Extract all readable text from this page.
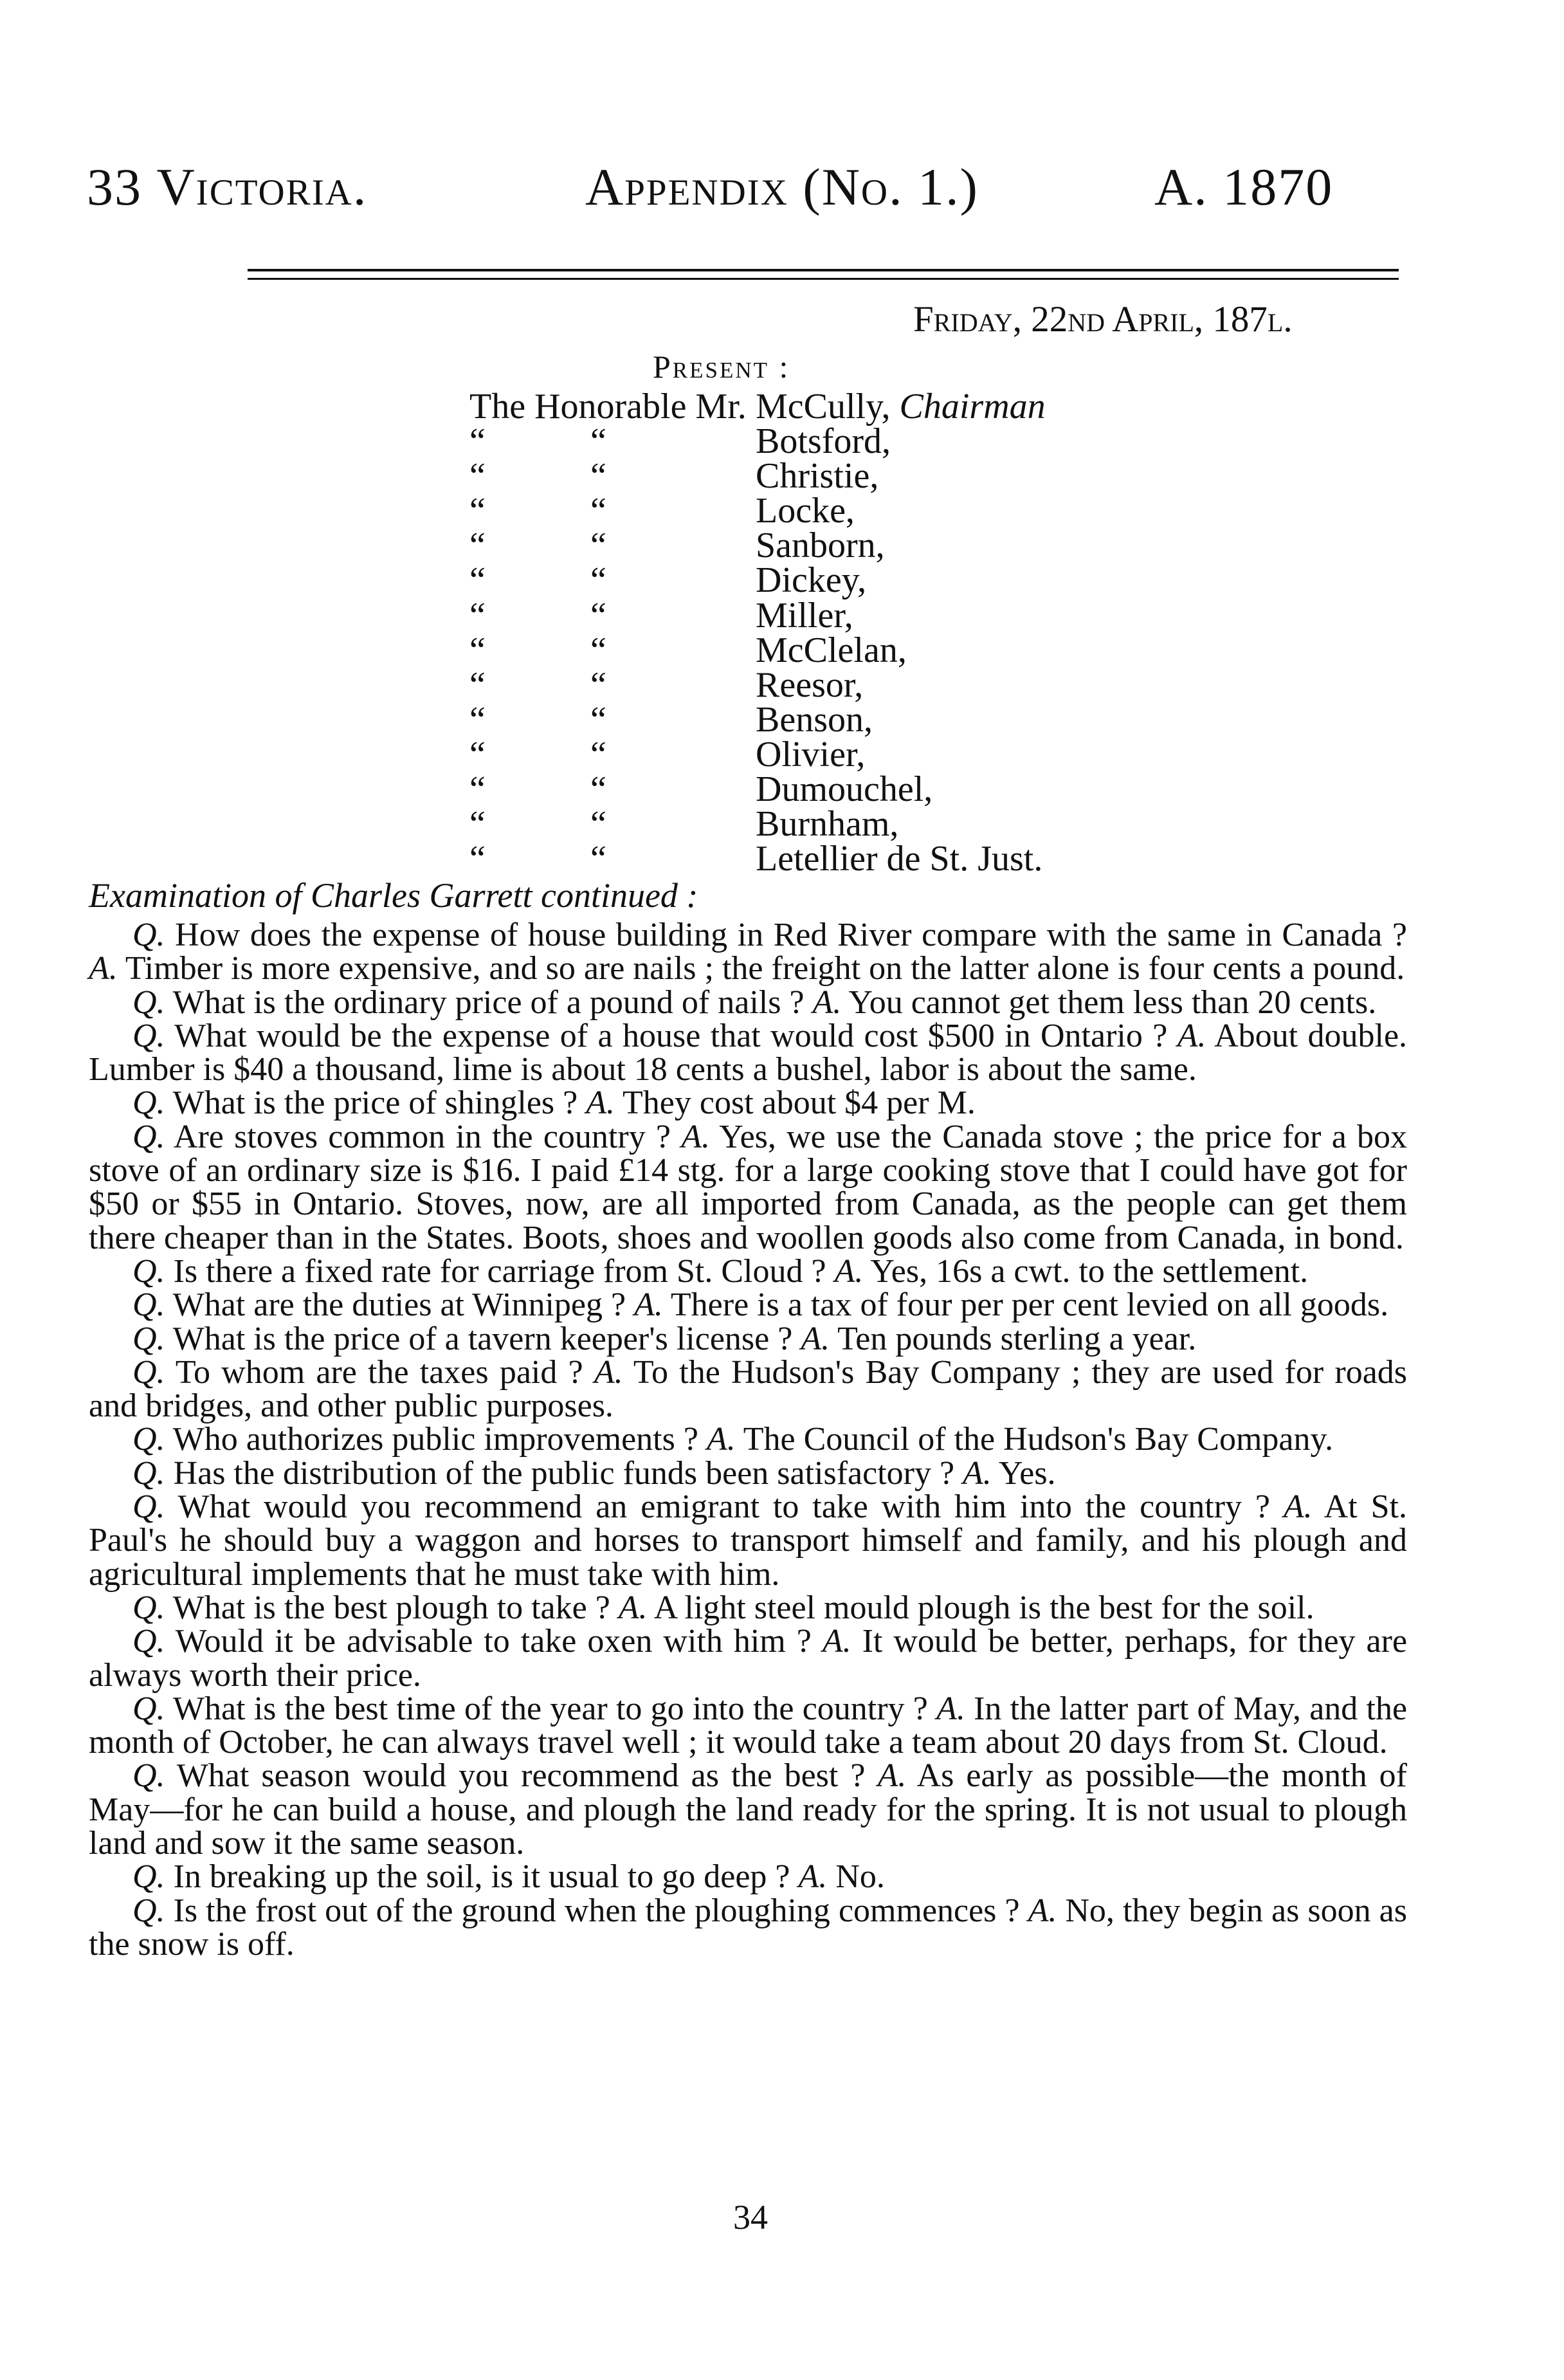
33 Victoria.	Appendix (No. 1.)	A. 1870
Friday, 22nd April, 187l.
Present :
The Honorable Mr. McCully, Chairman
“	“	Botsford,
“	“	Christie,
“	“	Locke,
“	“	Sanborn,
“	“	Dickey,
“	“	Miller,
“	“	McClelan,
“	“	Reesor,
“	“	Benson,
“	“	Olivier,
“	“	Dumouchel,
“	“	Burnham,
“	“	Letellier de St. Just.
Examination of Charles Garrett continued :

Q. How does the expense of house building in Red River compare with the same in Canada ? A. Timber is more expensive, and so are nails ; the freight on the latter alone is four cents a pound.

Q. What is the ordinary price of a pound of nails ? A. You cannot get them less than 20 cents.

Q. What would be the expense of a house that would cost $500 in Ontario ? A. About double. Lumber is $40 a thousand, lime is about 18 cents a bushel, labor is about the same.

Q. What is the price of shingles ? A. They cost about $4 per M.

Q. Are stoves common in the country ? A. Yes, we use the Canada stove ; the price for a box stove of an ordinary size is $16. I paid £14 stg. for a large cooking stove that I could have got for $50 or $55 in Ontario. Stoves, now, are all imported from Canada, as the people can get them there cheaper than in the States. Boots, shoes and woollen goods also come from Canada, in bond.

Q. Is there a fixed rate for carriage from St. Cloud ? A. Yes, 16s a cwt. to the settlement.

Q. What are the duties at Winnipeg ? A. There is a tax of four per per cent levied on all goods.

Q. What is the price of a tavern keeper's license ? A. Ten pounds sterling a year.

Q. To whom are the taxes paid ? A. To the Hudson's Bay Company ; they are used for roads and bridges, and other public purposes.

Q. Who authorizes public improvements ? A. The Council of the Hudson's Bay Company.

Q. Has the distribution of the public funds been satisfactory ? A. Yes.

Q. What would you recommend an emigrant to take with him into the country ? A. At St. Paul's he should buy a waggon and horses to transport himself and family, and his plough and agricultural implements that he must take with him.

Q. What is the best plough to take ? A. A light steel mould plough is the best for the soil.

Q. Would it be advisable to take oxen with him ? A. It would be better, perhaps, for they are always worth their price.

Q. What is the best time of the year to go into the country ? A. In the latter part of May, and the month of October, he can always travel well ; it would take a team about 20 days from St. Cloud.

Q. What season would you recommend as the best ? A. As early as possible—the month of May—for he can build a house, and plough the land ready for the spring. It is not usual to plough land and sow it the same season.

Q. In breaking up the soil, is it usual to go deep ? A. No.

Q. Is the frost out of the ground when the ploughing commences ? A. No, they begin as soon as the snow is off.

34
